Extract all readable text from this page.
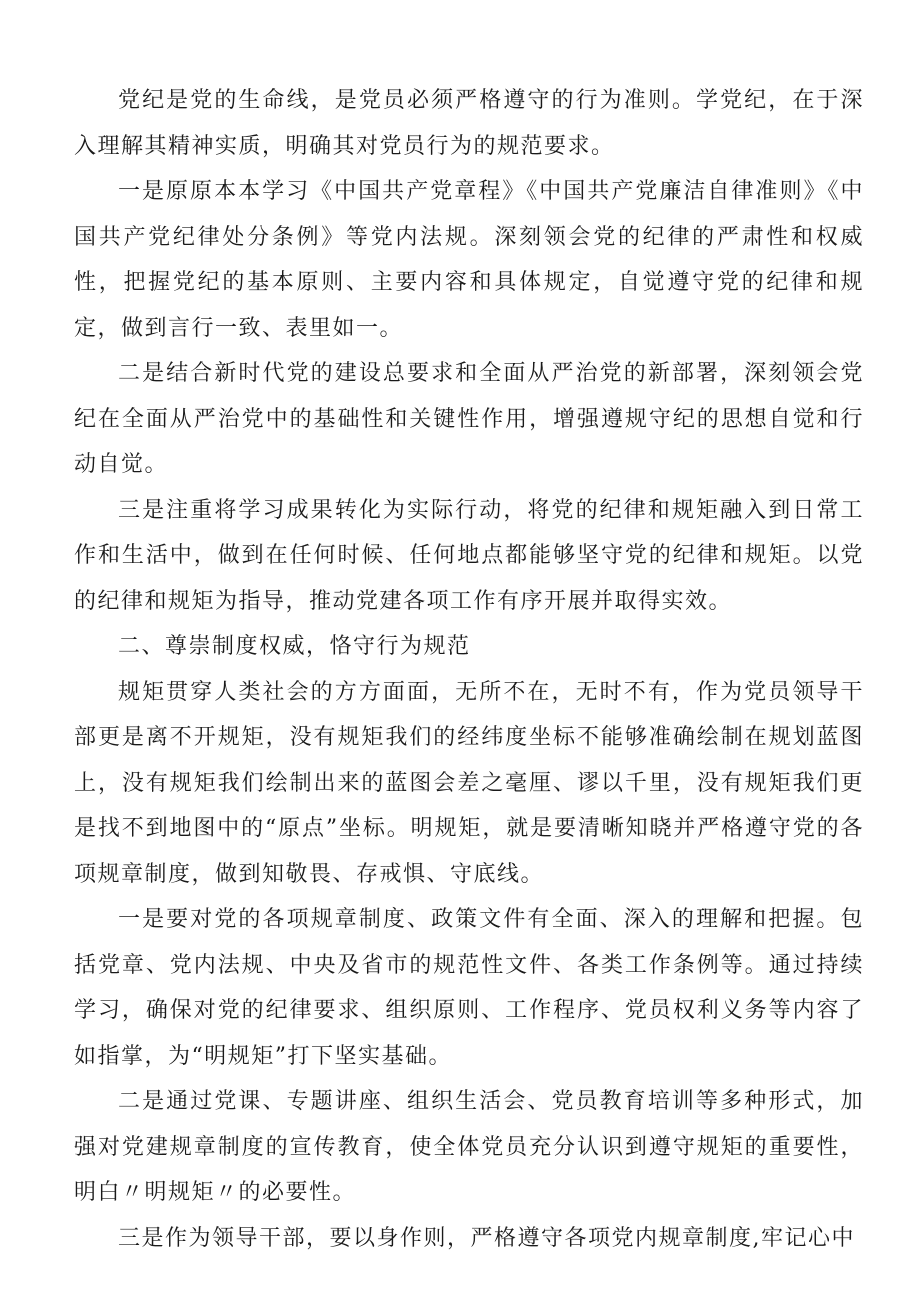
党纪是党的生命线，是党员必须严格遵守的行为准则。学党纪，在于深入理解其精神实质，明确其对党员行为的规范要求。

一是原原本本学习《中国共产党章程》《中国共产党廉洁自律准则》《中国共产党纪律处分条例》等党内法规。深刻领会党的纪律的严肃性和权威性，把握党纪的基本原则、主要内容和具体规定，自觉遵守党的纪律和规定，做到言行一致、表里如一。

二是结合新时代党的建设总要求和全面从严治党的新部署，深刻领会党纪在全面从严治党中的基础性和关键性作用，增强遵规守纪的思想自觉和行动自觉。

三是注重将学习成果转化为实际行动，将党的纪律和规矩融入到日常工作和生活中，做到在任何时候、任何地点都能够坚守党的纪律和规矩。以党的纪律和规矩为指导，推动党建各项工作有序开展并取得实效。

二、尊崇制度权威，恪守行为规范

规矩贯穿人类社会的方方面面，无所不在，无时不有，作为党员领导干部更是离不开规矩，没有规矩我们的经纬度坐标不能够准确绘制在规划蓝图上，没有规矩我们绘制出来的蓝图会差之毫厘、谬以千里，没有规矩我们更是找不到地图中的“原点”坐标。明规矩，就是要清晰知晓并严格遵守党的各项规章制度，做到知敬畏、存戒惧、守底线。

一是要对党的各项规章制度、政策文件有全面、深入的理解和把握。包括党章、党内法规、中央及省市的规范性文件、各类工作条例等。通过持续学习，确保对党的纪律要求、组织原则、工作程序、党员权利义务等内容了如指掌，为“明规矩”打下坚实基础。

二是通过党课、专题讲座、组织生活会、党员教育培训等多种形式，加强对党建规章制度的宣传教育，使全体党员充分认识到遵守规矩的重要性，明白〃明规矩〃的必要性。

三是作为领导干部，要以身作则，严格遵守各项党内规章制度,牢记心中
